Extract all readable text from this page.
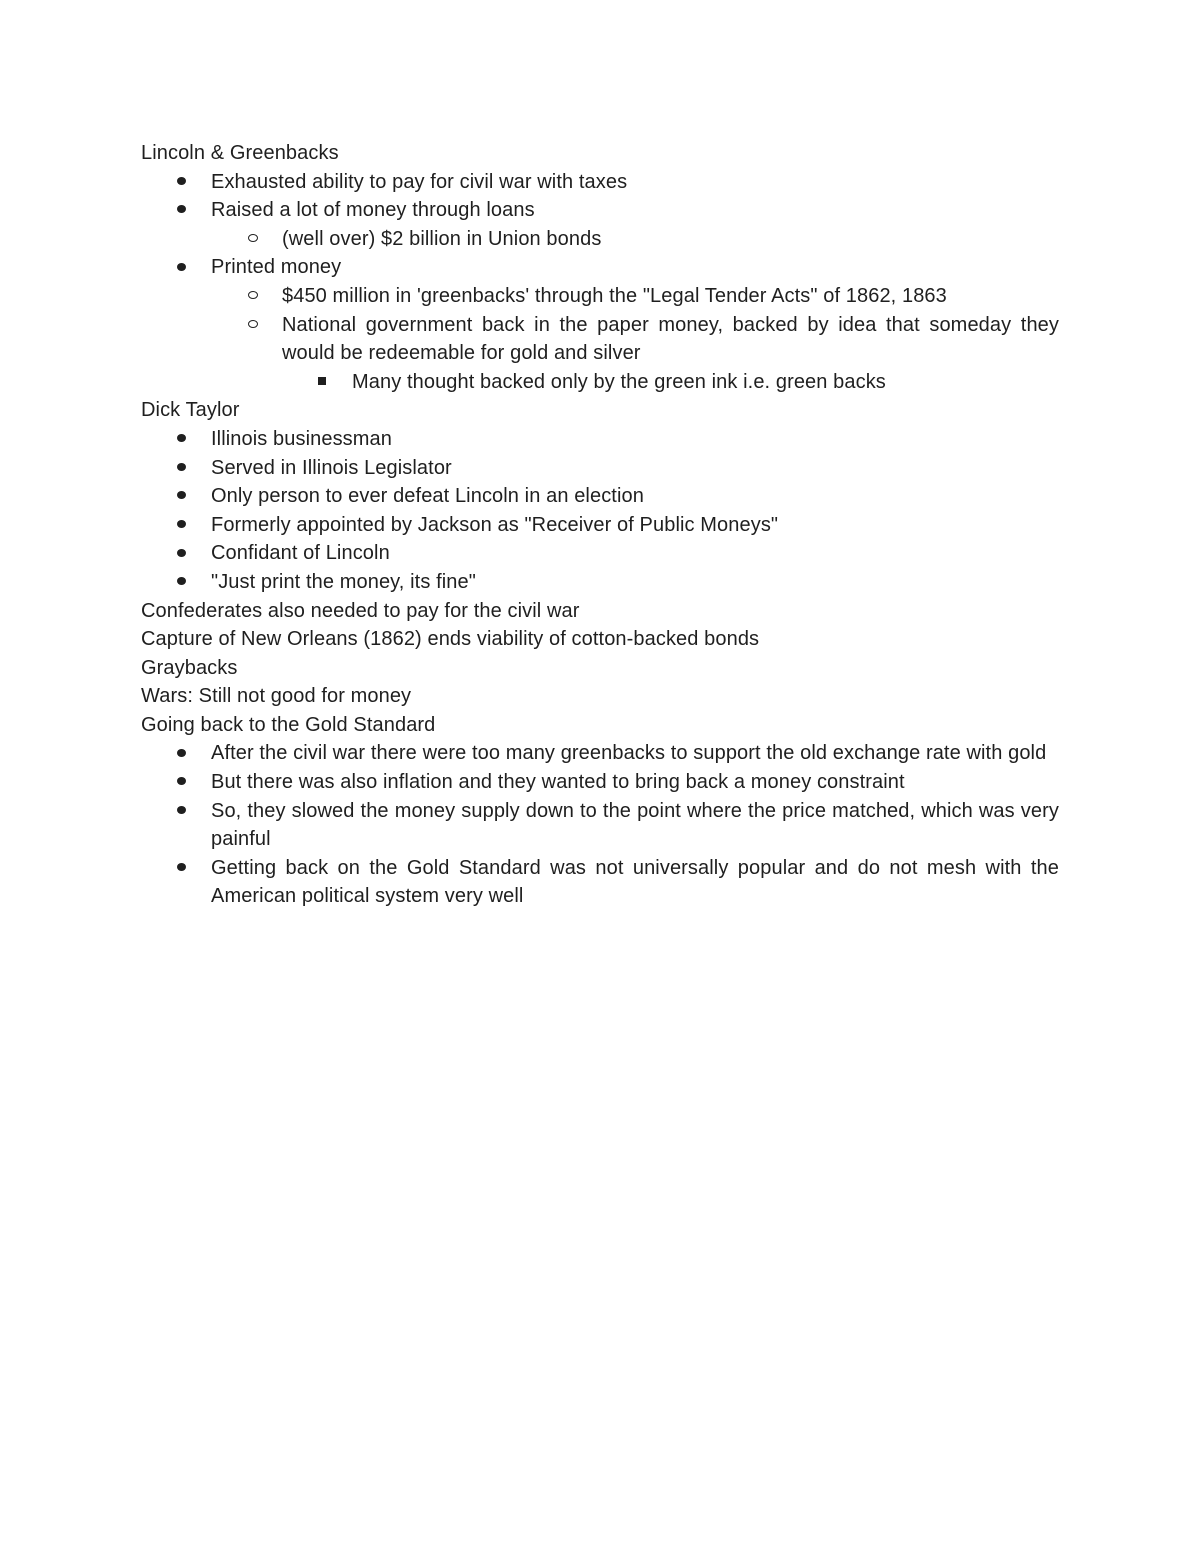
Lincoln & Greenbacks

Exhausted ability to pay for civil war with taxes
Raised a lot of money through loans
(well over) $2 billion in Union bonds
Printed money
$450 million in 'greenbacks' through the "Legal Tender Acts" of 1862, 1863
National government back in the paper money, backed by idea that someday they would be redeemable for gold and silver
Many thought backed only by the green ink i.e. green backs

Dick Taylor

Illinois businessman
Served in Illinois Legislator
Only person to ever defeat Lincoln in an election
Formerly appointed by Jackson as "Receiver of Public Moneys"
Confidant of Lincoln
"Just print the money, its fine"

Confederates also needed to pay for the civil war

Capture of New Orleans (1862) ends viability of cotton-backed bonds

Graybacks

Wars: Still not good for money

Going back to the Gold Standard

After the civil war there were too many greenbacks to support the old exchange rate with gold
But there was also inflation and they wanted to bring back a money constraint
So, they slowed the money supply down to the point where the price matched, which was very painful
Getting back on the Gold Standard was not universally popular and do not mesh with the American political system very well
